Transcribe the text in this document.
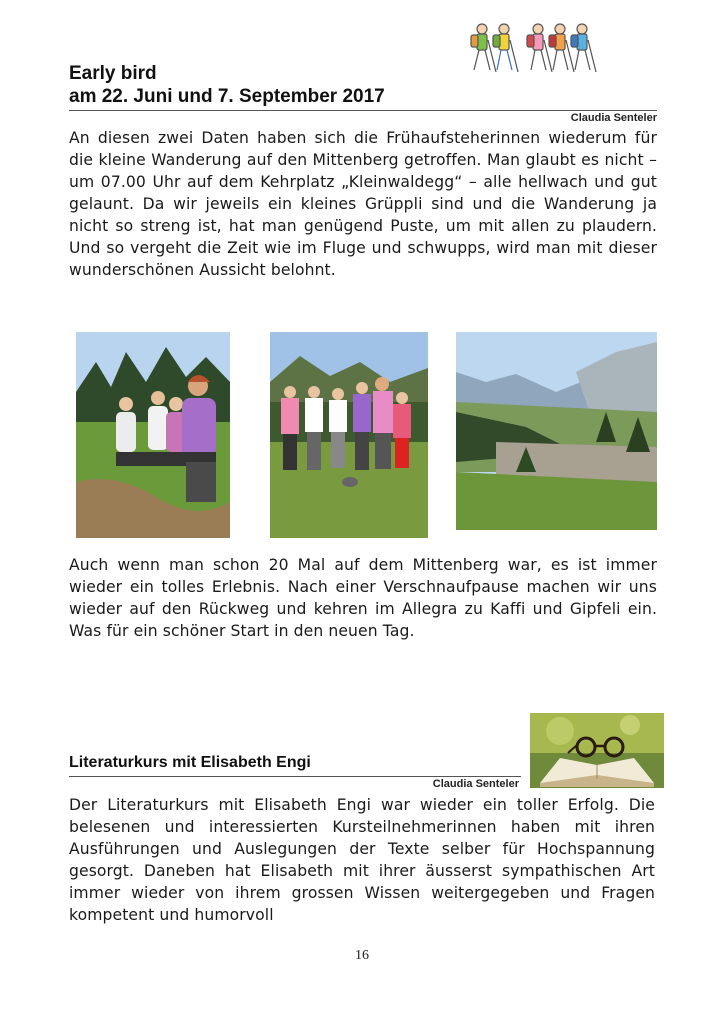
Early bird
am 22. Juni und 7. September 2017
Claudia Senteler
An diesen zwei Daten haben sich die Frühaufsteherinnen wiederum für die kleine Wanderung auf den Mittenberg getroffen. Man glaubt es nicht – um 07.00 Uhr auf dem Kehrplatz „Kleinwaldegg“ – alle hellwach und gut gelaunt. Da wir jeweils ein kleines Grüppli sind und die Wanderung ja nicht so streng ist, hat man genügend Puste, um mit allen zu plaudern. Und so vergeht die Zeit wie im Fluge und schwupps, wird man mit dieser wunderschönen Aussicht belohnt.
Auch wenn man schon 20 Mal auf dem Mittenberg war, es ist immer wieder ein tolles Erlebnis. Nach einer Verschnaufpause machen wir uns wieder auf den Rückweg und kehren im Allegra zu Kaffi und Gipfeli ein. Was für ein schöner Start in den neuen Tag.
Literaturkurs mit Elisabeth Engi
Claudia Senteler
Der Literaturkurs mit Elisabeth Engi war wieder ein toller Erfolg. Die belesenen und interessierten Kursteilnehmerinnen haben mit ihren Ausführungen und Auslegungen der Texte selber für Hochspannung gesorgt. Daneben hat Elisabeth mit ihrer äusserst sympathischen Art immer wieder von ihrem grossen Wissen weitergegeben und Fragen kompetent und humorvoll
16
